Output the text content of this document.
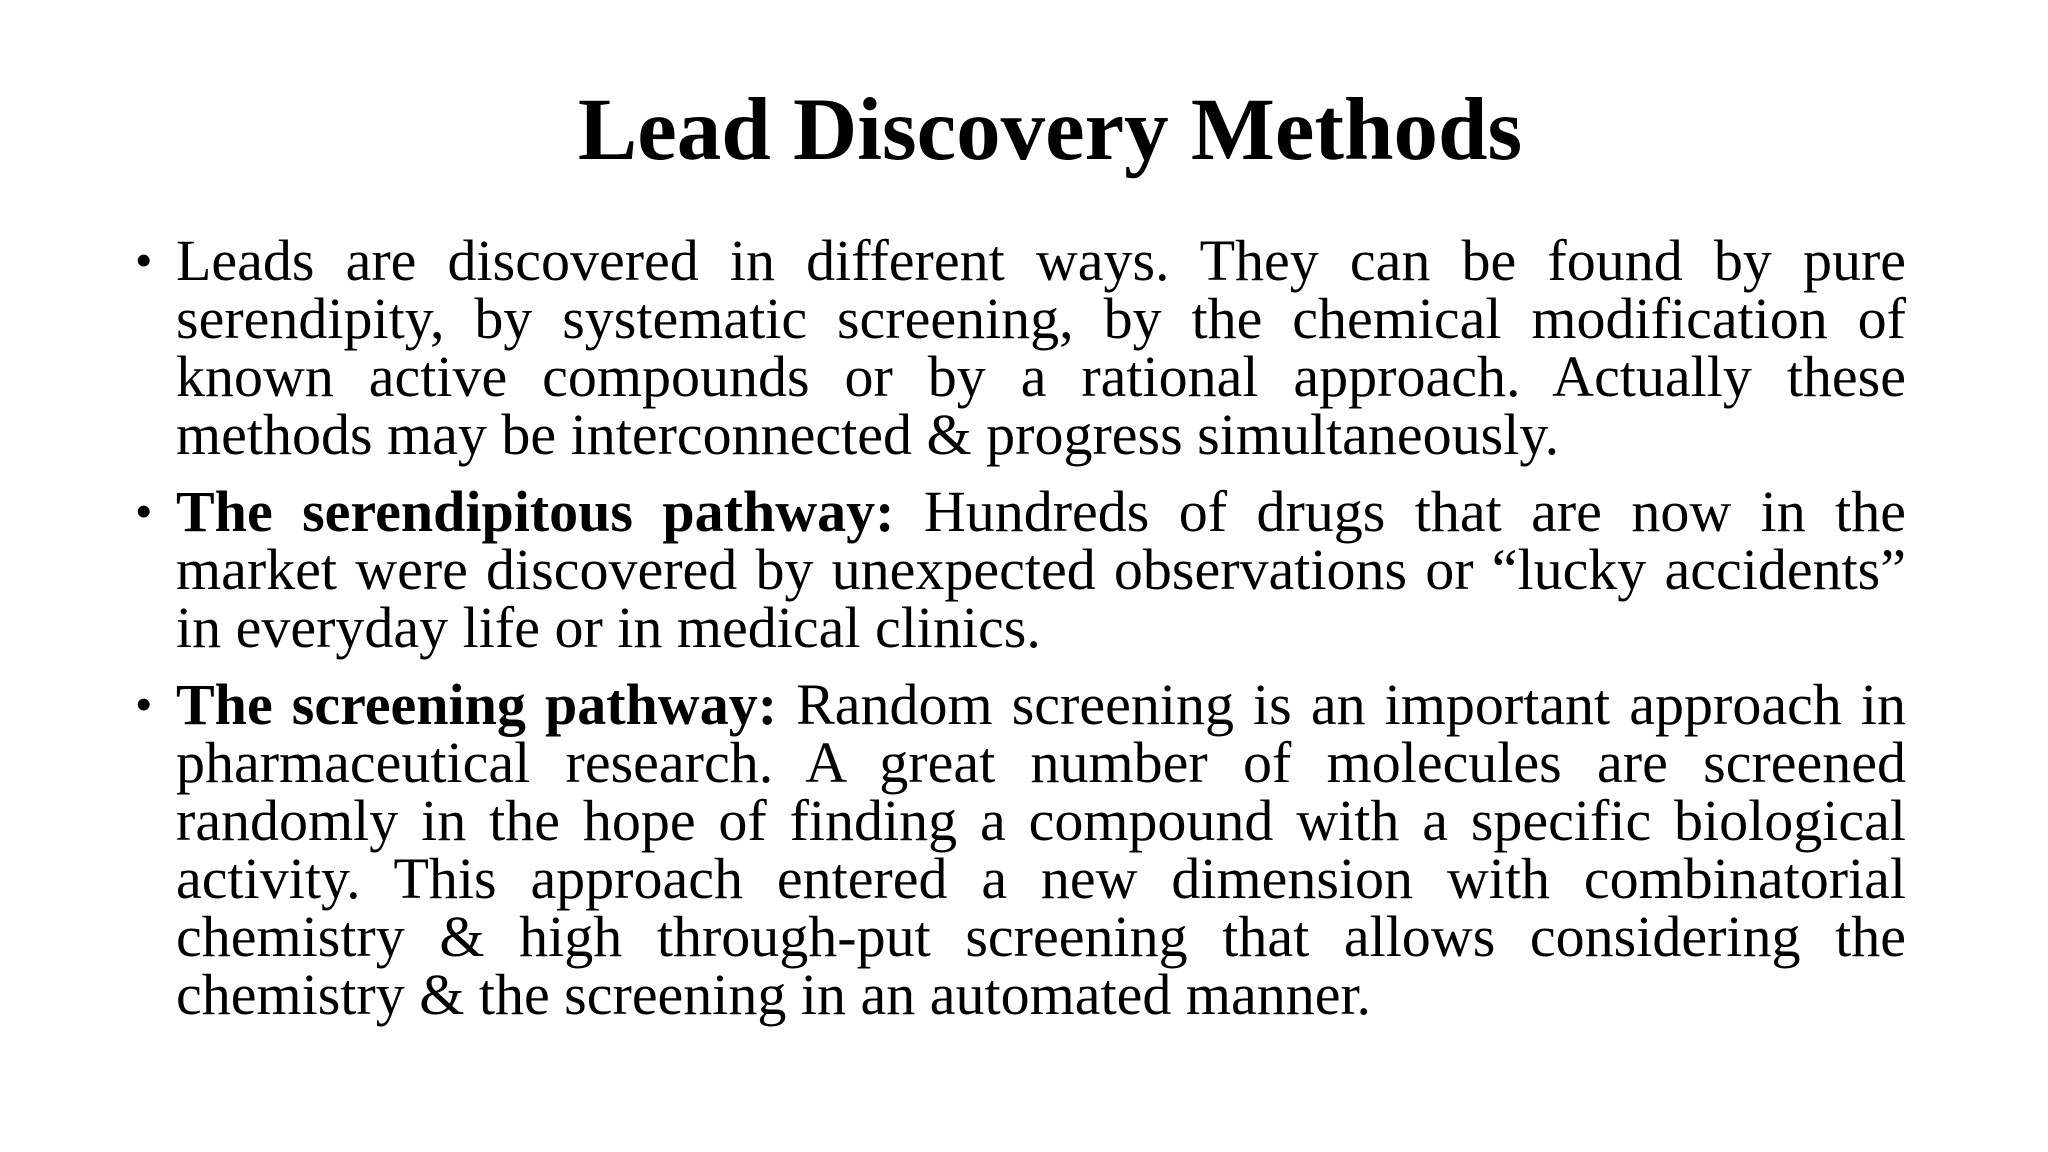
Lead Discovery Methods
• Leads are discovered in different ways. They can be found by pure serendipity, by systematic screening, by the chemical modification of known active compounds or by a rational approach. Actually these methods may be interconnected & progress simultaneously.
• The serendipitous pathway: Hundreds of drugs that are now in the market were discovered by unexpected observations or “lucky accidents” in everyday life or in medical clinics.
• The screening pathway: Random screening is an important approach in pharmaceutical research. A great number of molecules are screened randomly in the hope of finding a compound with a specific biological activity. This approach entered a new dimension with combinatorial chemistry & high through-put screening that allows considering the chemistry & the screening in an automated manner.
